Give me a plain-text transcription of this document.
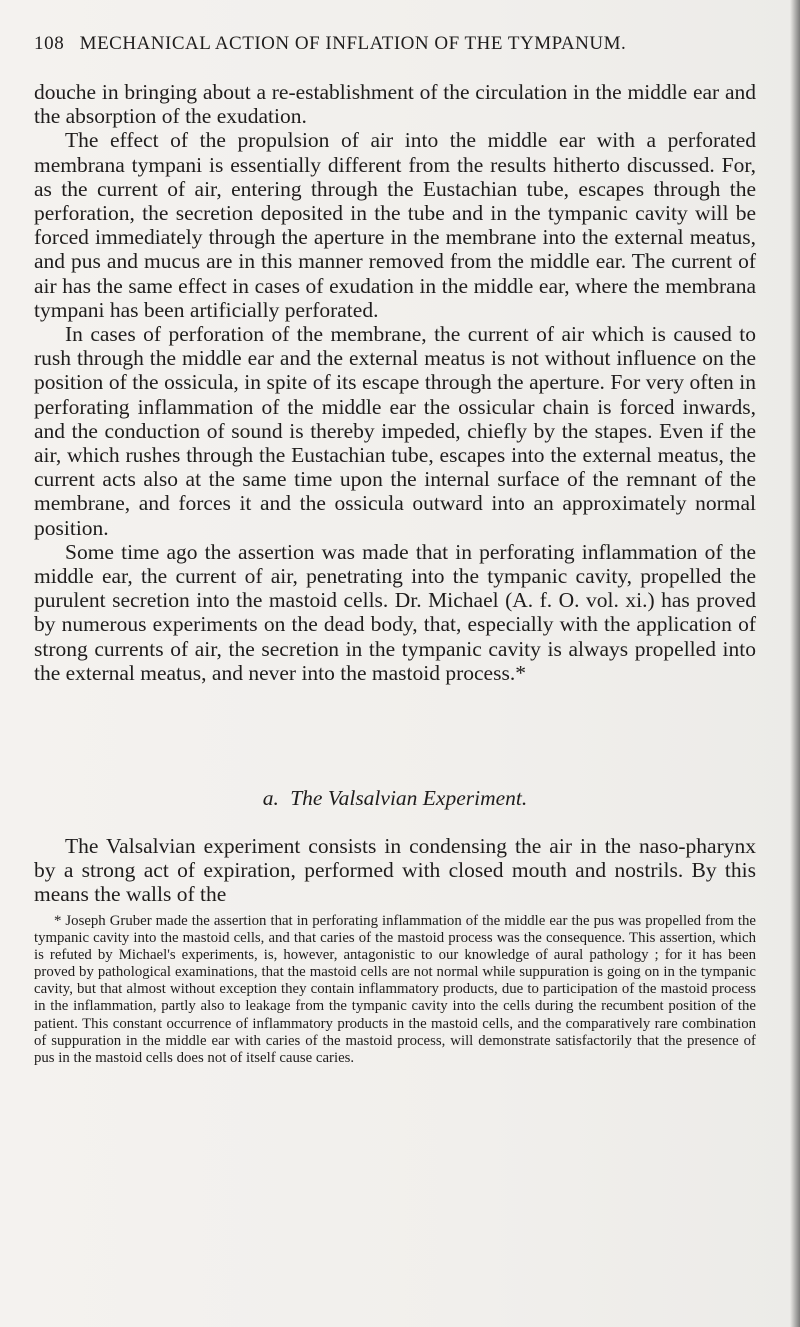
108 MECHANICAL ACTION OF INFLATION OF THE TYMPANUM.

douche in bringing about a re-establishment of the circulation in the middle ear and the absorption of the exudation.

The effect of the propulsion of air into the middle ear with a perforated membrana tympani is essentially different from the results hitherto discussed. For, as the current of air, entering through the Eustachian tube, escapes through the perforation, the secretion deposited in the tube and in the tympanic cavity will be forced immediately through the aperture in the membrane into the external meatus, and pus and mucus are in this manner removed from the middle ear. The current of air has the same effect in cases of exudation in the middle ear, where the membrana tympani has been artificially perforated.

In cases of perforation of the membrane, the current of air which is caused to rush through the middle ear and the external meatus is not without influence on the position of the ossicula, in spite of its escape through the aperture. For very often in perforating inflammation of the middle ear the ossicular chain is forced inwards, and the conduction of sound is thereby impeded, chiefly by the stapes. Even if the air, which rushes through the Eustachian tube, escapes into the external meatus, the current acts also at the same time upon the internal surface of the remnant of the membrane, and forces it and the ossicula outward into an approximately normal position.

Some time ago the assertion was made that in perforating inflammation of the middle ear, the current of air, penetrating into the tympanic cavity, propelled the purulent secretion into the mastoid cells. Dr. Michael (A. f. O. vol. xi.) has proved by numerous experiments on the dead body, that, especially with the application of strong currents of air, the secretion in the tympanic cavity is always propelled into the external meatus, and never into the mastoid process.*

a. The Valsalvian Experiment.

The Valsalvian experiment consists in condensing the air in the naso-pharynx by a strong act of expiration, performed with closed mouth and nostrils. By this means the walls of the

* Joseph Gruber made the assertion that in perforating inflammation of the middle ear the pus was propelled from the tympanic cavity into the mastoid cells, and that caries of the mastoid process was the consequence. This assertion, which is refuted by Michael's experiments, is, however, antagonistic to our knowledge of aural pathology ; for it has been proved by pathological examinations, that the mastoid cells are not normal while suppuration is going on in the tympanic cavity, but that almost without exception they contain inflammatory products, due to participation of the mastoid process in the inflammation, partly also to leakage from the tympanic cavity into the cells during the recumbent position of the patient. This constant occurrence of inflammatory products in the mastoid cells, and the comparatively rare combination of suppuration in the middle ear with caries of the mastoid process, will demonstrate satisfactorily that the presence of pus in the mastoid cells does not of itself cause caries.
